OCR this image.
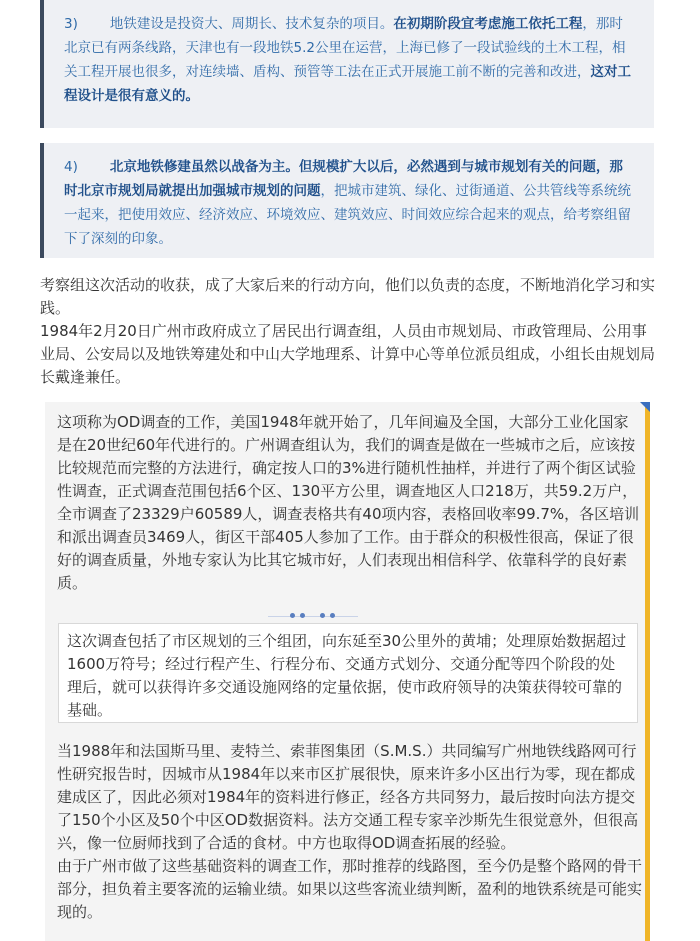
3) 地铁建设是投资大、周期长、技术复杂的项目。在初期阶段宜考虑施工依托工程，那时北京已有两条线路，天津也有一段地铁5.2公里在运营，上海已修了一段试验线的土木工程，相关工程开展也很多，对连续墙、盾构、预管等工法在正式开展施工前不断的完善和改进，这对工程设计是很有意义的。

4) 北京地铁修建虽然以战备为主。但规模扩大以后，必然遇到与城市规划有关的问题，那时北京市规划局就提出加强城市规划的问题，把城市建筑、绿化、过街通道、公共管线等系统统一起来，把使用效应、经济效应、环境效应、建筑效应、时间效应综合起来的观点，给考察组留下了深刻的印象。

考察组这次活动的收获，成了大家后来的行动方向，他们以负责的态度，不断地消化学习和实践。

1984年2月20日广州市政府成立了居民出行调查组，人员由市规划局、市政管理局、公用事业局、公安局以及地铁筹建处和中山大学地理系、计算中心等单位派员组成，小组长由规划局长戴逢兼任。

这项称为OD调查的工作，美国1948年就开始了，几年间遍及全国，大部分工业化国家是在20世纪60年代进行的。广州调查组认为，我们的调查是做在一些城市之后，应该按比较规范而完整的方法进行，确定按人口的3%进行随机性抽样，并进行了两个街区试验性调查，正式调查范围包括6个区、130平方公里，调查地区人口218万，共59.2万户，全市调查了23329户60589人，调查表格共有40项内容，表格回收率99.7%，各区培训和派出调查员3469人，街区干部405人参加了工作。由于群众的积极性很高，保证了很好的调查质量，外地专家认为比其它城市好，人们表现出相信科学、依靠科学的良好素质。

当1988年和法国斯马里、麦特兰、索菲图集团（S.M.S.）共同编写广州地铁线路网可行性研究报告时，因城市从1984年以来市区扩展很快，原来许多小区出行为零，现在都成建成区了，因此必须对1984年的资料进行修正，经各方共同努力，最后按时向法方提交了150个小区及50个中区OD数据资料。法方交通工程专家辛沙斯先生很觉意外，但很高兴，像一位厨师找到了合适的食材。中方也取得OD调查拓展的经验。
由于广州市做了这些基础资料的调查工作，那时推荐的线路图，至今仍是整个路网的骨干部分，担负着主要客流的运输业绩。如果以这些客流业绩判断，盈利的地铁系统是可能实现的。

这次调查包括了市区规划的三个组团，向东延至30公里外的黄埔；处理原始数据超过1600万符号；经过行程产生、行程分布、交通方式划分、交通分配等四个阶段的处理后，就可以获得许多交通设施网络的定量依据，使市政府领导的决策获得较可靠的基础。
